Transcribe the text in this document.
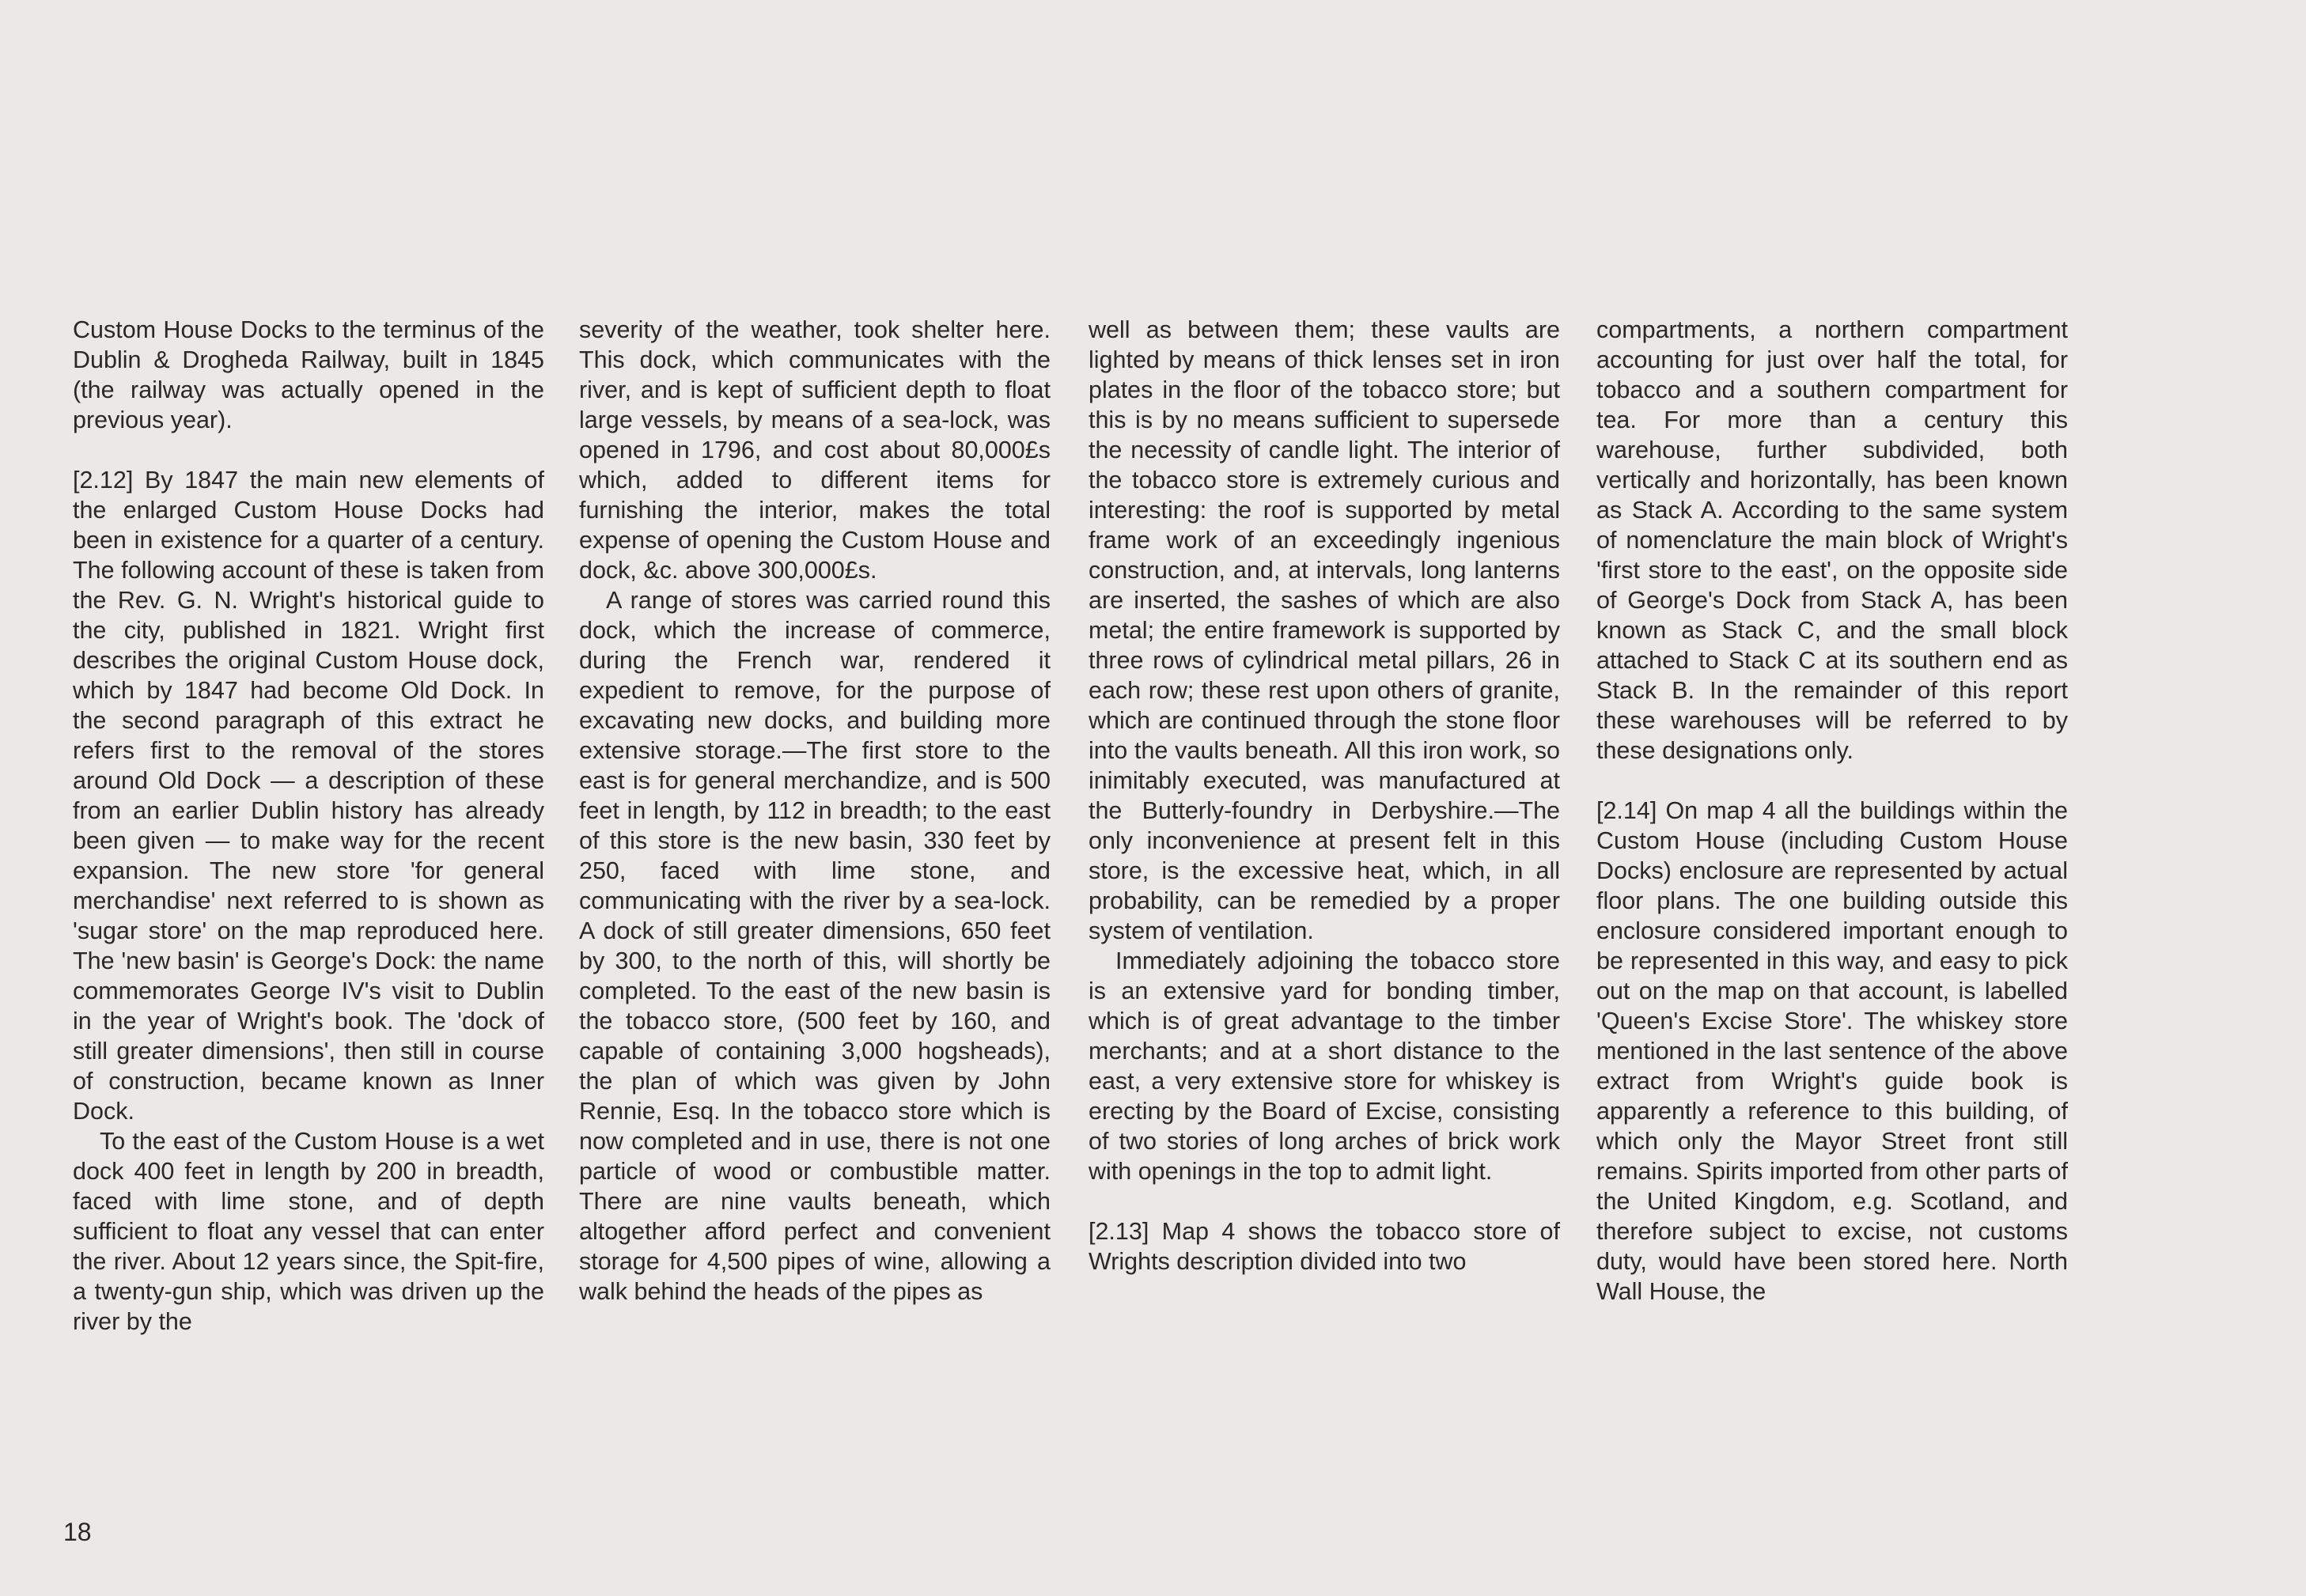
Custom House Docks to the terminus of the Dublin & Drogheda Railway, built in 1845 (the railway was actually opened in the previous year).

[2.12] By 1847 the main new elements of the enlarged Custom House Docks had been in existence for a quarter of a century. The following account of these is taken from the Rev. G. N. Wright's historical guide to the city, published in 1821. Wright first describes the original Custom House dock, which by 1847 had become Old Dock. In the second paragraph of this extract he refers first to the removal of the stores around Old Dock — a description of these from an earlier Dublin history has already been given — to make way for the recent expansion. The new store 'for general merchandise' next referred to is shown as 'sugar store' on the map reproduced here. The 'new basin' is George's Dock: the name commemorates George IV's visit to Dublin in the year of Wright's book. The 'dock of still greater dimensions', then still in course of construction, became known as Inner Dock.

To the east of the Custom House is a wet dock 400 feet in length by 200 in breadth, faced with lime stone, and of depth sufficient to float any vessel that can enter the river. About 12 years since, the Spit-fire, a twenty-gun ship, which was driven up the river by the

severity of the weather, took shelter here. This dock, which communicates with the river, and is kept of sufficient depth to float large vessels, by means of a sea-lock, was opened in 1796, and cost about 80,000£s which, added to different items for furnishing the interior, makes the total expense of opening the Custom House and dock, &c. above 300,000£s.

A range of stores was carried round this dock, which the increase of commerce, during the French war, rendered it expedient to remove, for the purpose of excavating new docks, and building more extensive storage.—The first store to the east is for general merchandize, and is 500 feet in length, by 112 in breadth; to the east of this store is the new basin, 330 feet by 250, faced with lime stone, and communicating with the river by a sea-lock. A dock of still greater dimensions, 650 feet by 300, to the north of this, will shortly be completed. To the east of the new basin is the tobacco store, (500 feet by 160, and capable of containing 3,000 hogsheads), the plan of which was given by John Rennie, Esq. In the tobacco store which is now completed and in use, there is not one particle of wood or combustible matter. There are nine vaults beneath, which altogether afford perfect and convenient storage for 4,500 pipes of wine, allowing a walk behind the heads of the pipes as

well as between them; these vaults are lighted by means of thick lenses set in iron plates in the floor of the tobacco store; but this is by no means sufficient to supersede the necessity of candle light. The interior of the tobacco store is extremely curious and interesting: the roof is supported by metal frame work of an exceedingly ingenious construction, and, at intervals, long lanterns are inserted, the sashes of which are also metal; the entire framework is supported by three rows of cylindrical metal pillars, 26 in each row; these rest upon others of granite, which are continued through the stone floor into the vaults beneath. All this iron work, so inimitably executed, was manufactured at the Butterly-foundry in Derbyshire.—The only inconvenience at present felt in this store, is the excessive heat, which, in all probability, can be remedied by a proper system of ventilation.

Immediately adjoining the tobacco store is an extensive yard for bonding timber, which is of great advantage to the timber merchants; and at a short distance to the east, a very extensive store for whiskey is erecting by the Board of Excise, consisting of two stories of long arches of brick work with openings in the top to admit light.

[2.13] Map 4 shows the tobacco store of Wrights description divided into two

compartments, a northern compartment accounting for just over half the total, for tobacco and a southern compartment for tea. For more than a century this warehouse, further subdivided, both vertically and horizontally, has been known as Stack A. According to the same system of nomenclature the main block of Wright's 'first store to the east', on the opposite side of George's Dock from Stack A, has been known as Stack C, and the small block attached to Stack C at its southern end as Stack B. In the remainder of this report these warehouses will be referred to by these designations only.

[2.14] On map 4 all the buildings within the Custom House (including Custom House Docks) enclosure are represented by actual floor plans. The one building outside this enclosure considered important enough to be represented in this way, and easy to pick out on the map on that account, is labelled 'Queen's Excise Store'. The whiskey store mentioned in the last sentence of the above extract from Wright's guide book is apparently a reference to this building, of which only the Mayor Street front still remains. Spirits imported from other parts of the United Kingdom, e.g. Scotland, and therefore subject to excise, not customs duty, would have been stored here. North Wall House, the

18
